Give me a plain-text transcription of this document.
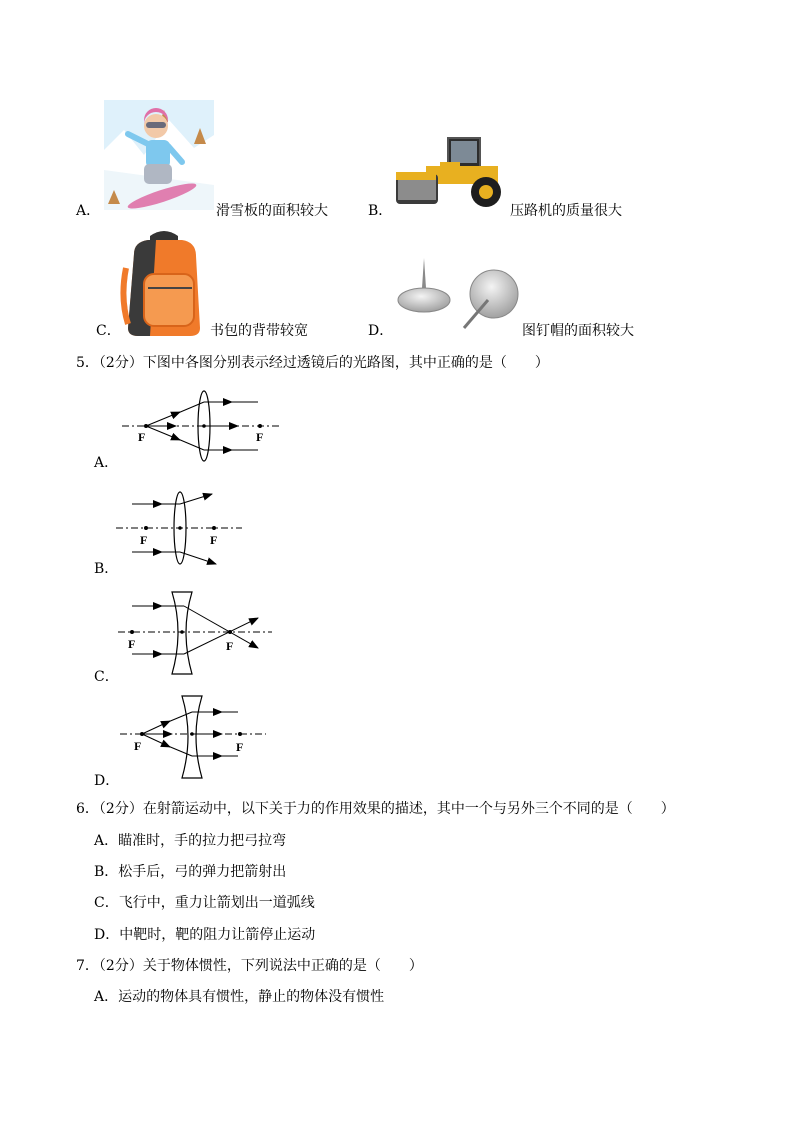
A．	滑雪板的面积较大	B．	压路机的质量很大
C．	书包的背带较宽	D．	图钉帽的面积较大
5．（2分）下图中各图分别表示经过透镜后的光路图，其中正确的是（　　）
F	F
A．
F	F
B．
F	F
C．
F	F
D．
6．（2分）在射箭运动中，以下关于力的作用效果的描述，其中一个与另外三个不同的是（　　）
A．瞄准时，手的拉力把弓拉弯
B．松手后，弓的弹力把箭射出
C．飞行中，重力让箭划出一道弧线
D．中靶时，靶的阻力让箭停止运动
7．（2分）关于物体惯性，下列说法中正确的是（　　）
A．运动的物体具有惯性，静止的物体没有惯性
